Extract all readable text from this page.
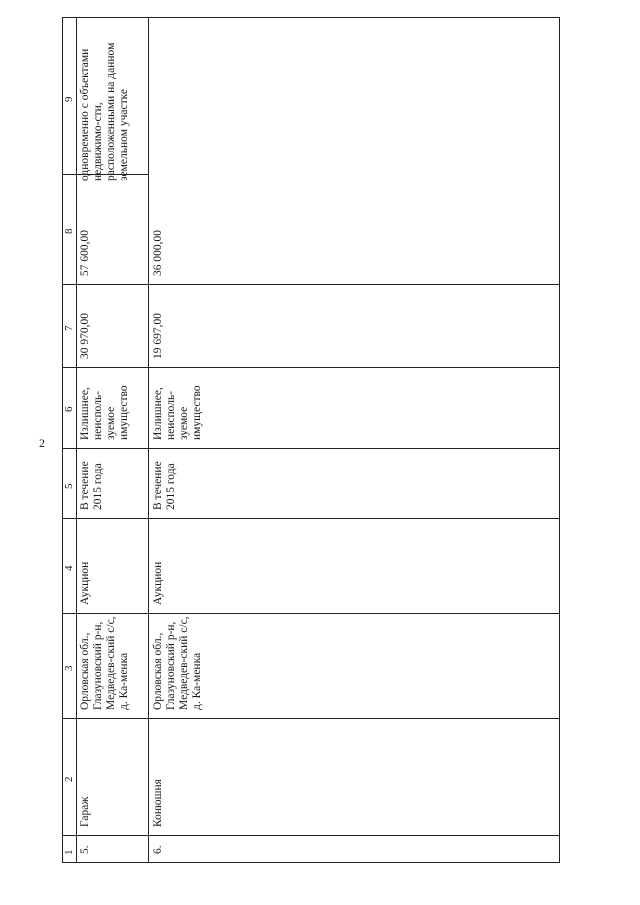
2
9
8
7
6
5
4
3
2
1
одновременно с объектами недвижимо-сти, расположенными на данном земельном участке
57 600,00
30 970,00
Излишнее, неисполь-зуемое имущество
В течение 2015 года
Аукцион
Орловская обл., Глазуновский р-н, Медведев-ский с/с, д. Ка-менка
Гараж
5.
19 697,00
36 000,00
Излишнее, неисполь-зуемое имущество
В течение 2015 года
Аукцион
Орловская обл., Глазуновский р-н, Медведев-ский с/с, д. Ка-менка
Конюшня
6.
